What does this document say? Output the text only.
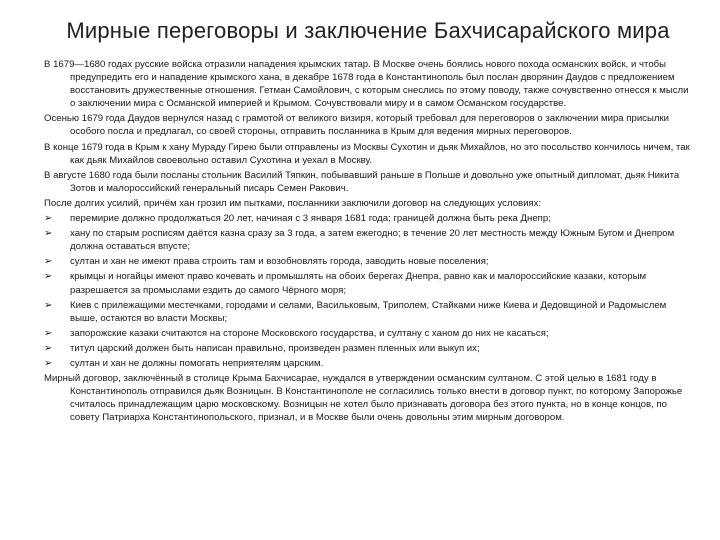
Мирные переговоры и заключение Бахчисарайского мира

В 1679—1680 годах русские войска отразили нападения крымских татар. В Москве очень боялись нового похода османских войск, и чтобы предупредить его и нападение крымского хана, в декабре 1678 года в Константинополь был послан дворянин Даудов с предложением восстановить дружественные отношения. Гетман Самойлович, с которым снеслись по этому поводу, также сочувственно отнесся к мысли о заключении мира с Османской империей и Крымом. Сочувствовали миру и в самом Османском государстве.

Осенью 1679 года Даудов вернулся назад с грамотой от великого визиря, который требовал для переговоров о заключении мира присылки особого посла и предлагал, со своей стороны, отправить посланника в Крым для ведения мирных переговоров.

В конце 1679 года в Крым к хану Мураду Гирею были отправлены из Москвы Сухотин и дьяк Михайлов, но это посольство кончилось ничем, так как дьяк Михайлов своевольно оставил Сухотина и уехал в Москву.

В августе 1680 года были посланы стольник Василий Тяпкин, побывавший раньше в Польше и довольно уже опытный дипломат, дьяк Никита Зотов и малороссийский генеральный писарь Семен Ракович.

После долгих усилий, причём хан грозил им пытками, посланники заключили договор на следующих условиях:

➢	перемирие должно продолжаться 20 лет, начиная с 3 января 1681 года; границей должна быть река Днепр;
➢	хану по старым росписям даётся казна сразу за 3 года, а затем ежегодно; в течение 20 лет местность между Южным Бугом и Днепром должна оставаться впусте;
➢	султан и хан не имеют права строить там и возобновлять города, заводить новые поселения;
➢	крымцы и ногайцы имеют право кочевать и промышлять на обоих берегах Днепра, равно как и малороссийские казаки, которым разрешается за промыслами ездить до самого Чёрного моря;
➢	Киев с прилежащими местечками, городами и селами, Васильковым, Триполем, Стайками ниже Киева и Дедовщиной и Радомыслем выше, остаются во власти Москвы;
➢	запорожские казаки считаются на стороне Московского государства, и султану с ханом до них не касаться;
➢	титул царский должен быть написан правильно, произведен размен пленных или выкуп их;
➢	султан и хан не должны помогать неприятелям царским.

Мирный договор, заключённый в столице Крыма Бахчисарае, нуждался в утверждении османским султаном. С этой целью в 1681 году в Константинополь отправился дьяк Возницын. В Константинополе не согласились только внести в договор пункт, по которому Запорожье считалось принадлежащим царю московскому. Возницын не хотел было признавать договора без этого пункта, но в конце концов, по совету Патриарха Константинопольского, признал, и в Москве были очень довольны этим мирным договором.
